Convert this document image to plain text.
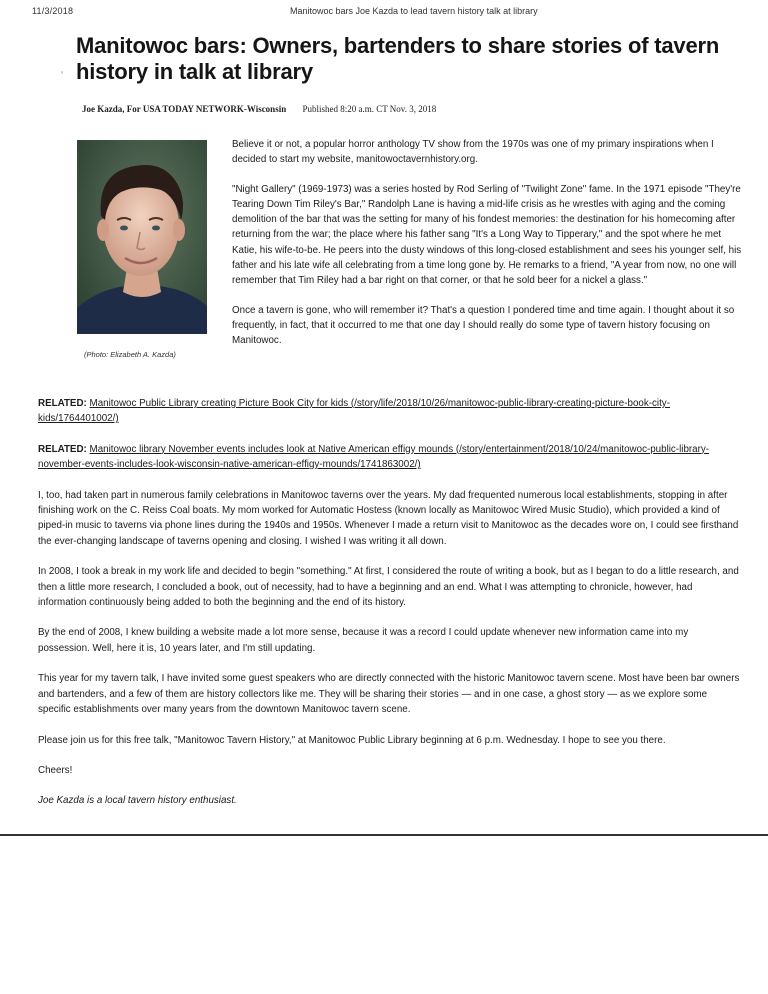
11/3/2018	Manitowoc bars Joe Kazda to lead tavern history talk at library
Manitowoc bars: Owners, bartenders to share stories of tavern history in talk at library
‘
Joe Kazda, For USA TODAY NETWORK-Wisconsin Published 8:20 a.m. CT Nov. 3, 2018
(Photo: Elizabeth A. Kazda)

Believe it or not, a popular horror anthology TV show from the 1970s was one of my primary inspirations when I decided to start my website, manitowoctavernhistory.org.

"Night Gallery" (1969-1973) was a series hosted by Rod Serling of "Twilight Zone" fame. In the 1971 episode "They're Tearing Down Tim Riley's Bar," Randolph Lane is having a mid-life crisis as he wrestles with aging and the coming demolition of the bar that was the setting for many of his fondest memories: the destination for his homecoming after returning from the war; the place where his father sang "It's a Long Way to Tipperary," and the spot where he met Katie, his wife-to-be. He peers into the dusty windows of this long-closed establishment and sees his younger self, his father and his late wife all celebrating from a time long gone by. He remarks to a friend, "A year from now, no one will remember that Tim Riley had a bar right on that corner, or that he sold beer for a nickel a glass."

Once a tavern is gone, who will remember it? That's a question I pondered time and time again. I thought about it so frequently, in fact, that it occurred to me that one day I should really do some type of tavern history focusing on Manitowoc.

RELATED: Manitowoc Public Library creating Picture Book City for kids (/story/life/2018/10/26/manitowoc-public-library-creating-picture-book-city-kids/1764401002/)

RELATED: Manitowoc library November events includes look at Native American effigy mounds (/story/entertainment/2018/10/24/manitowoc-public-library-november-events-includes-look-wisconsin-native-american-effigy-mounds/1741863002/)

I, too, had taken part in numerous family celebrations in Manitowoc taverns over the years. My dad frequented numerous local establishments, stopping in after finishing work on the C. Reiss Coal boats. My mom worked for Automatic Hostess (known locally as Manitowoc Wired Music Studio), which provided a kind of piped-in music to taverns via phone lines during the 1940s and 1950s. Whenever I made a return visit to Manitowoc as the decades wore on, I could see firsthand the ever-changing landscape of taverns opening and closing. I wished I was writing it all down.

In 2008, I took a break in my work life and decided to begin "something." At first, I considered the route of writing a book, but as I began to do a little research, and then a little more research, I concluded a book, out of necessity, had to have a beginning and an end. What I was attempting to chronicle, however, had information continuously being added to both the beginning and the end of its history.

By the end of 2008, I knew building a website made a lot more sense, because it was a record I could update whenever new information came into my possession. Well, here it is, 10 years later, and I'm still updating.

This year for my tavern talk, I have invited some guest speakers who are directly connected with the historic Manitowoc tavern scene. Most have been bar owners and bartenders, and a few of them are history collectors like me. They will be sharing their stories — and in one case, a ghost story — as we explore some specific establishments over many years from the downtown Manitowoc tavern scene.

Please join us for this free talk, "Manitowoc Tavern History," at Manitowoc Public Library beginning at 6 p.m. Wednesday. I hope to see you there.

Cheers!

Joe Kazda is a local tavern history enthusiast.
